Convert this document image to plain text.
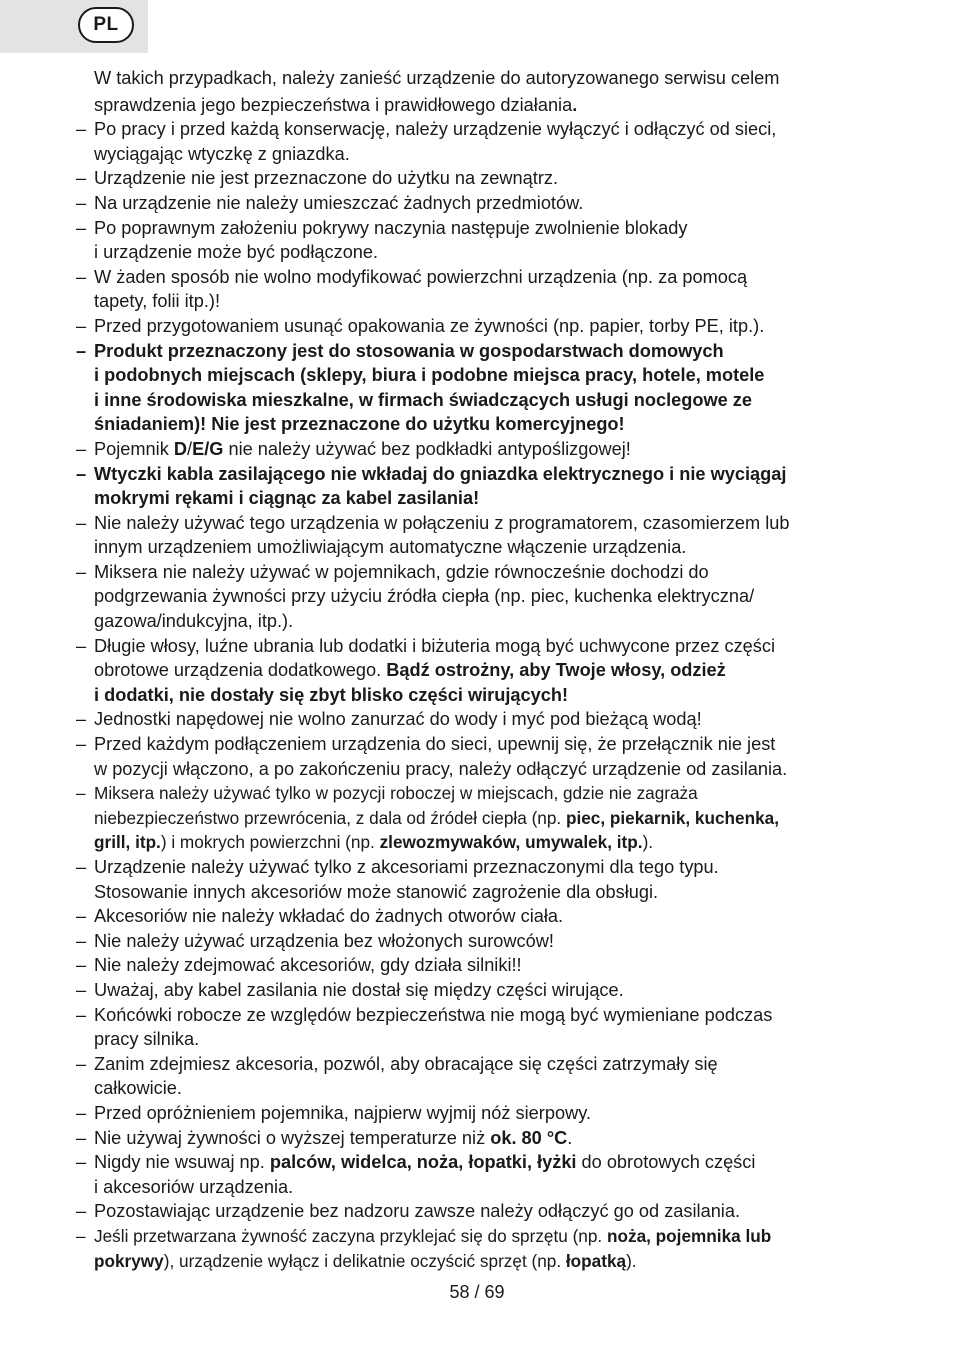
PL
W takich przypadkach, należy zanieść urządzenie do autoryzowanego serwisu celem
sprawdzenia jego bezpieczeństwa i prawidłowego działania.
– Po pracy i przed każdą konserwację, należy urządzenie wyłączyć i odłączyć od sieci,
wyciągając wtyczkę z gniazdka.
– Urządzenie nie jest przeznaczone do użytku na zewnątrz.
– Na urządzenie nie należy umieszczać żadnych przedmiotów.
– Po poprawnym założeniu pokrywy naczynia następuje zwolnienie blokady
i urządzenie może być podłączone.
– W żaden sposób nie wolno modyfikować powierzchni urządzenia (np. za pomocą
tapety, folii itp.)!
– Przed przygotowaniem usunąć opakowania ze żywności (np. papier, torby PE, itp.).
– Produkt przeznaczony jest do stosowania w gospodarstwach domowych
i podobnych miejscach (sklepy, biura i podobne miejsca pracy, hotele, motele
i inne środowiska mieszkalne, w firmach świadczących usługi noclegowe ze
śniadaniem)! Nie jest przeznaczone do użytku komercyjnego!
– Pojemnik D/E/G nie należy używać bez podkładki antypoślizgowej!
– Wtyczki kabla zasilającego nie wkładaj do gniazdka elektrycznego i nie wyciągaj
mokrymi rękami i ciągnąc za kabel zasilania!
– Nie należy używać tego urządzenia w połączeniu z programatorem, czasomierzem lub
innym urządzeniem umożliwiającym automatyczne włączenie urządzenia.
– Miksera nie należy używać w pojemnikach, gdzie równocześnie dochodzi do
podgrzewania żywności przy użyciu źródła ciepła (np. piec, kuchenka elektryczna/
gazowa/indukcyjna, itp.).
– Długie włosy, luźne ubrania lub dodatki i biżuteria mogą być uchwycone przez części
obrotowe urządzenia dodatkowego. Bądź ostrożny, aby Twoje włosy, odzież
i dodatki, nie dostały się zbyt blisko części wirujących!
– Jednostki napędowej nie wolno zanurzać do wody i myć pod bieżącą wodą!
– Przed każdym podłączeniem urządzenia do sieci, upewnij się, że przełącznik nie jest
w pozycji włączono, a po zakończeniu pracy, należy odłączyć urządzenie od zasilania.
– Miksera należy używać tylko w pozycji roboczej w miejscach, gdzie nie zagraża
niebezpieczeństwo przewrócenia, z dala od źródeł ciepła (np. piec, piekarnik, kuchenka,
grill, itp.) i mokrych powierzchni (np. zlewozmywaków, umywalek, itp.).
– Urządzenie należy używać tylko z akcesoriami przeznaczonymi dla tego typu.
Stosowanie innych akcesoriów może stanowić zagrożenie dla obsługi.
– Akcesoriów nie należy wkładać do żadnych otworów ciała.
– Nie należy używać urządzenia bez włożonych surowców!
– Nie należy zdejmować akcesoriów, gdy działa silniki!!
– Uważaj, aby kabel zasilania nie dostał się między części wirujące.
– Końcówki robocze ze względów bezpieczeństwa nie mogą być wymieniane podczas
pracy silnika.
– Zanim zdejmiesz akcesoria, pozwól, aby obracające się części zatrzymały się
całkowicie.
– Przed opróżnieniem pojemnika, najpierw wyjmij nóż sierpowy.
– Nie używaj żywności o wyższej temperaturze niż ok. 80 °C.
– Nigdy nie wsuwaj np. palców, widelca, noża, łopatki, łyżki do obrotowych części
i akcesoriów urządzenia.
– Pozostawiając urządzenie bez nadzoru zawsze należy odłączyć go od zasilania.
– Jeśli przetwarzana żywność zaczyna przyklejać się do sprzętu (np. noża, pojemnika lub
pokrywy), urządzenie wyłącz i delikatnie oczyścić sprzęt (np. łopatką).
58 / 69
